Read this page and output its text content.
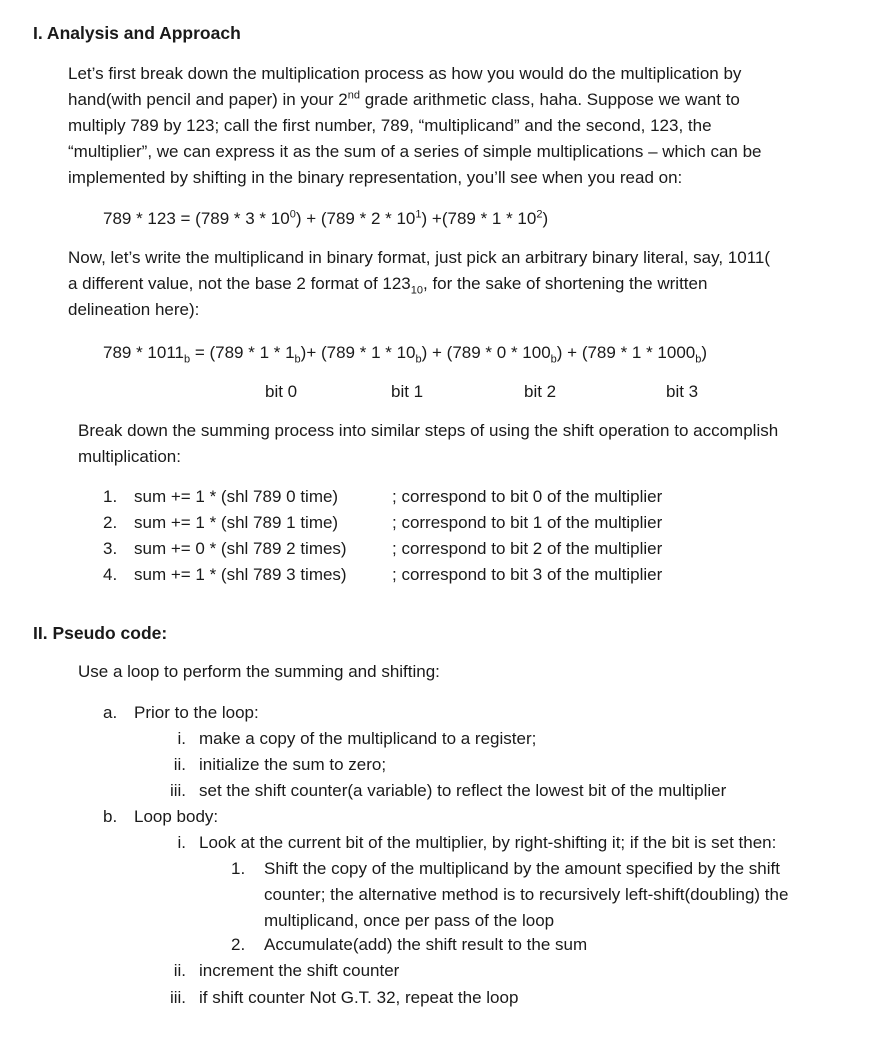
I. Analysis and Approach
Let’s first break down the multiplication process as how you would do the multiplication by
hand(with pencil and paper) in your 2nd grade arithmetic class, haha. Suppose we want to
multiply 789 by 123; call the first number, 789, “multiplicand” and the second, 123, the
“multiplier”, we can express it as the sum of a series of simple multiplications – which can be
implemented by shifting in the binary representation, you’ll see when you read on:
$789 * 123 = (789 * 3 * 10^0) + (789 * 2 * 10^1) +(789 * 1 * 10^2)$
Now, let’s write the multiplicand in binary format, just pick an arbitrary binary literal, say, 1011(
a different value, not the base 2 format of $123_{10}$, for the sake of shortening the written
delineation here):
$789 * 1011_b = (789 * 1 * 1_b)+ (789 * 1 * 10_b) + (789 * 0 * 100_b) + (789 * 1 * 1000_b)$
bit 0	bit 1	bit 2	bit 3
Break down the summing process into similar steps of using the shift operation to accomplish
multiplication:
1. sum += 1 * (shl 789 0 time)	; correspond to bit 0 of the multiplier
2. sum += 1 * (shl 789 1 time)	; correspond to bit 1 of the multiplier
3. sum += 0 * (shl 789 2 times)	; correspond to bit 2 of the multiplier
4. sum += 1 * (shl 789 3 times)	; correspond to bit 3 of the multiplier
II. Pseudo code:
Use a loop to perform the summing and shifting:
a. Prior to the loop:
i. make a copy of the multiplicand to a register;
ii. initialize the sum to zero;
iii. set the shift counter(a variable) to reflect the lowest bit of the multiplier
b. Loop body:
i. Look at the current bit of the multiplier, by right-shifting it; if the bit is set then:
1. Shift the copy of the multiplicand by the amount specified by the shift
counter; the alternative method is to recursively left-shift(doubling) the
multiplicand, once per pass of the loop
2. Accumulate(add) the shift result to the sum
ii. increment the shift counter
iii. if shift counter Not G.T. 32, repeat the loop
